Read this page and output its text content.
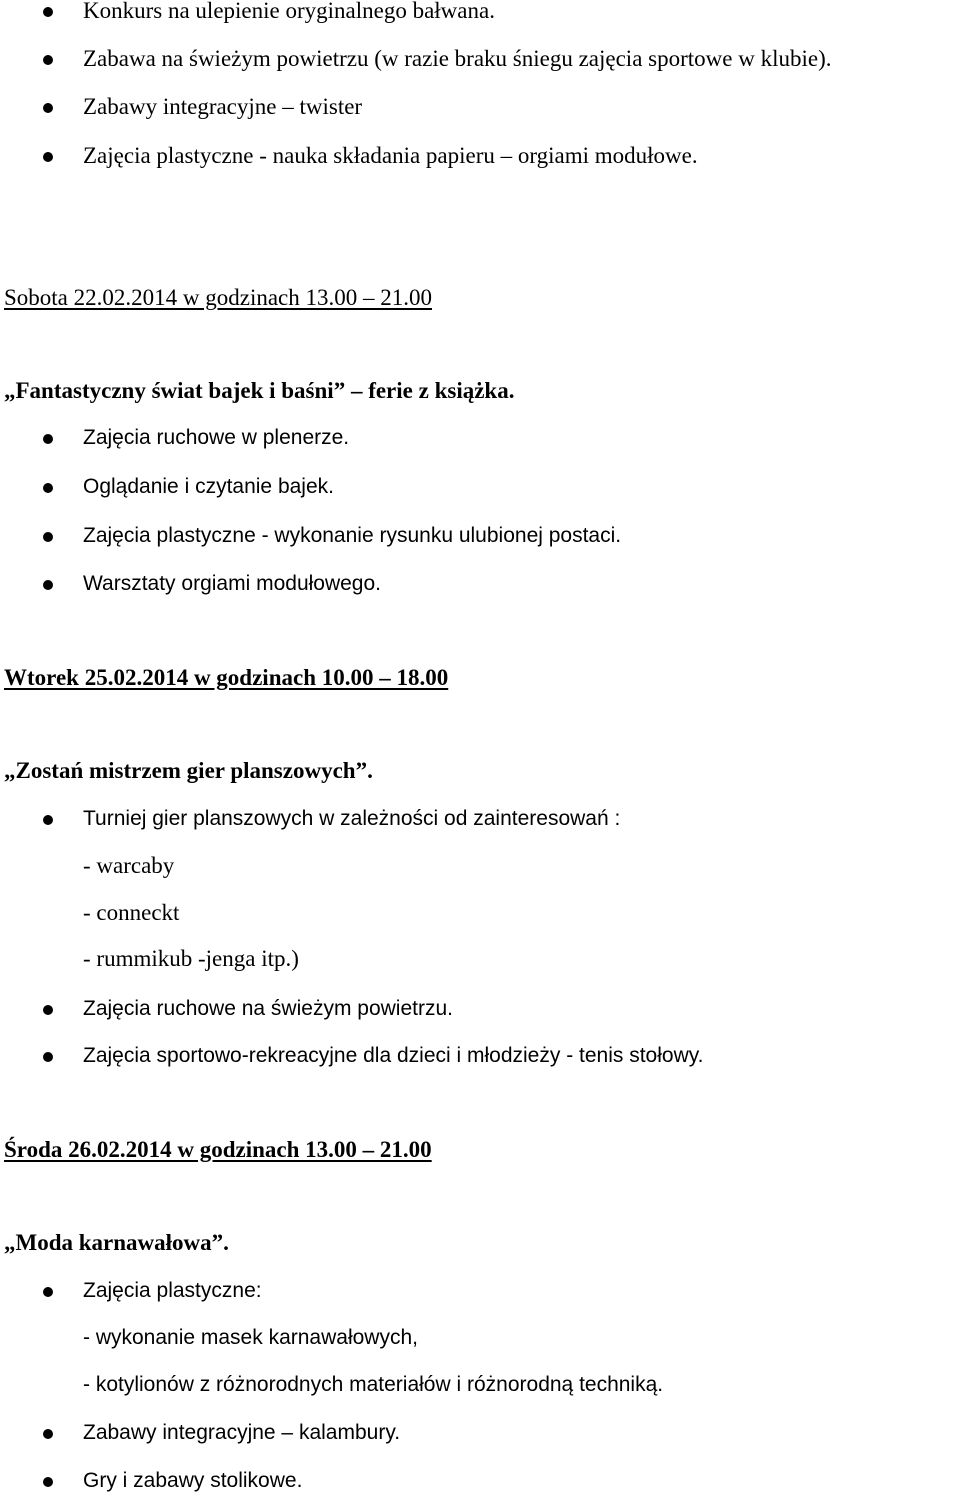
Konkurs na ulepienie oryginalnego bałwana.
Zabawa na świeżym powietrzu (w razie braku śniegu zajęcia sportowe w klubie).
Zabawy integracyjne – twister
Zajęcia plastyczne - nauka składania papieru – orgiami modułowe.
Sobota 22.02.2014 w godzinach 13.00 – 21.00
„Fantastyczny świat bajek i baśni” – ferie z książka.
Zajęcia ruchowe w plenerze.
Oglądanie i czytanie bajek.
Zajęcia plastyczne - wykonanie rysunku ulubionej postaci.
Warsztaty orgiami modułowego.
Wtorek 25.02.2014 w godzinach 10.00 – 18.00
„Zostań mistrzem gier planszowych”.
Turniej gier planszowych w zależności od zainteresowań :
- warcaby
- conneckt
- rummikub -jenga itp.)
Zajęcia ruchowe na świeżym powietrzu.
Zajęcia sportowo-rekreacyjne dla dzieci i młodzieży - tenis stołowy.
Środa 26.02.2014 w godzinach 13.00 – 21.00
„Moda karnawałowa”.
Zajęcia plastyczne:
- wykonanie masek karnawałowych,
- kotylionów z różnorodnych materiałów i różnorodną techniką.
Zabawy integracyjne – kalambury.
Gry i zabawy stolikowe.
